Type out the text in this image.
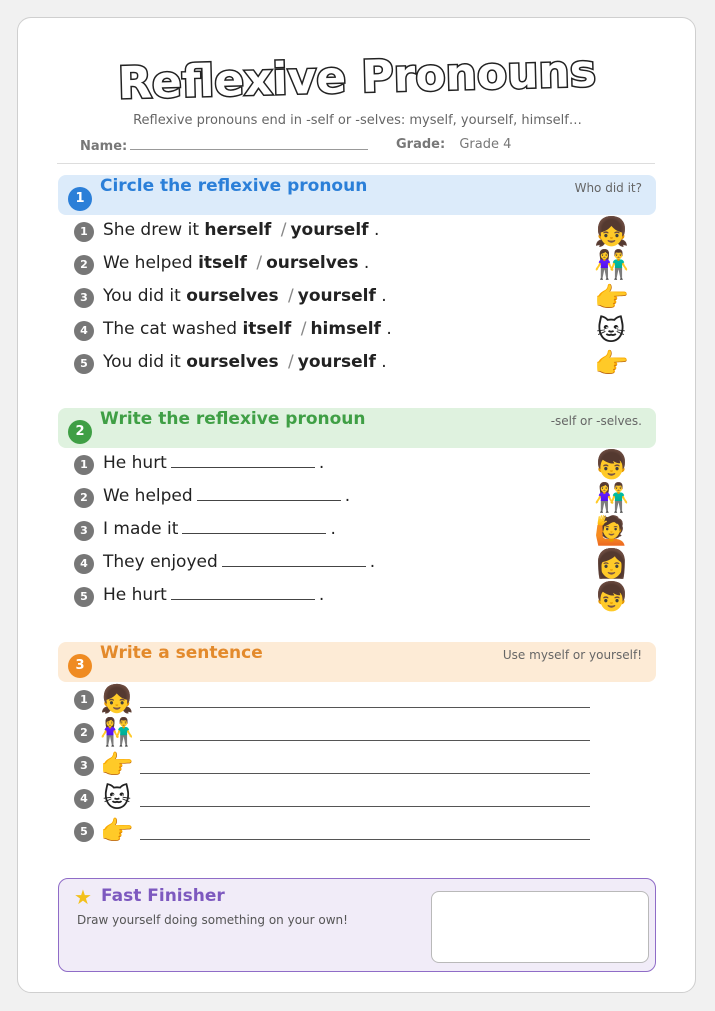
Reflexive Pronouns
Reflexive pronouns end in -self or -selves: myself, yourself, himself…
Name:	Grade: Grade 4
1
Circle the reflexive pronoun	Who did it?
1 She drew it herself / yourself .	👧
2 We helped itself / ourselves .	👫
3 You did it ourselves / yourself .	👉
4 The cat washed itself / himself .	🐱
5 You did it ourselves / yourself .	👉
2
Write the reflexive pronoun	-self or -selves.
1 He hurt	.	👦
2 We helped	.	👫
3 I made it	.	🙋
4 They enjoyed	.	👩
5 He hurt	.	👦
3
Write a sentence	Use myself or yourself!
1 👧
2 👫
3 👉
4 🐱
5 👉
★ Fast Finisher
Draw yourself doing something on your own!
